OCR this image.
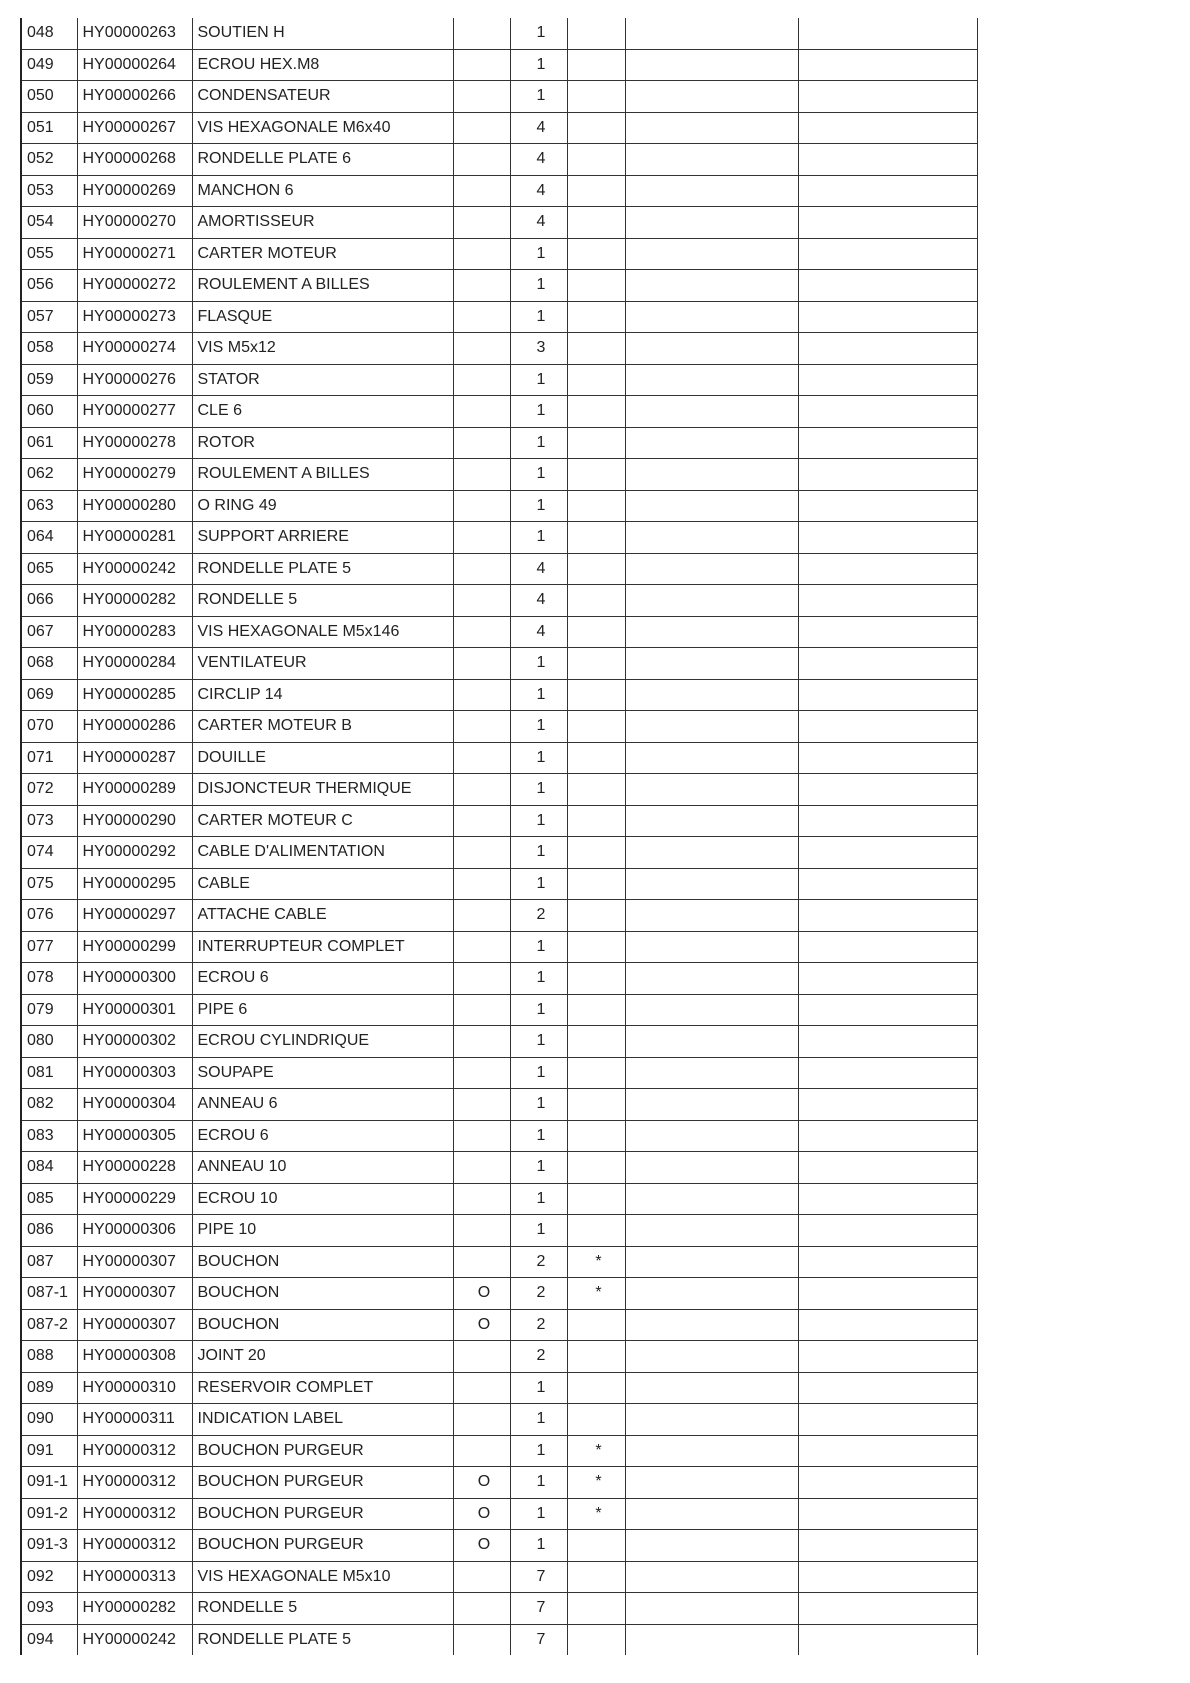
048	HY00000263	SOUTIEN H		1			
049	HY00000264	ECROU HEX.M8		1			
050	HY00000266	CONDENSATEUR		1			
051	HY00000267	VIS HEXAGONALE M6x40		4			
052	HY00000268	RONDELLE PLATE 6		4			
053	HY00000269	MANCHON 6		4			
054	HY00000270	AMORTISSEUR		4			
055	HY00000271	CARTER MOTEUR		1			
056	HY00000272	ROULEMENT A BILLES		1			
057	HY00000273	FLASQUE		1			
058	HY00000274	VIS M5x12		3			
059	HY00000276	STATOR		1			
060	HY00000277	CLE 6		1			
061	HY00000278	ROTOR		1			
062	HY00000279	ROULEMENT A BILLES		1			
063	HY00000280	O RING 49		1			
064	HY00000281	SUPPORT ARRIERE		1			
065	HY00000242	RONDELLE PLATE 5		4			
066	HY00000282	RONDELLE 5		4			
067	HY00000283	VIS HEXAGONALE M5x146		4			
068	HY00000284	VENTILATEUR		1			
069	HY00000285	CIRCLIP 14		1			
070	HY00000286	CARTER MOTEUR B		1			
071	HY00000287	DOUILLE		1			
072	HY00000289	DISJONCTEUR THERMIQUE		1			
073	HY00000290	CARTER MOTEUR C		1			
074	HY00000292	CABLE D'ALIMENTATION		1			
075	HY00000295	CABLE		1			
076	HY00000297	ATTACHE CABLE		2			
077	HY00000299	INTERRUPTEUR COMPLET		1			
078	HY00000300	ECROU 6		1			
079	HY00000301	PIPE 6		1			
080	HY00000302	ECROU CYLINDRIQUE		1			
081	HY00000303	SOUPAPE		1			
082	HY00000304	ANNEAU 6		1			
083	HY00000305	ECROU 6		1			
084	HY00000228	ANNEAU 10		1			
085	HY00000229	ECROU 10		1			
086	HY00000306	PIPE 10		1			
087	HY00000307	BOUCHON		2	*		
087-1	HY00000307	BOUCHON	O	2	*		
087-2	HY00000307	BOUCHON	O	2			
088	HY00000308	JOINT 20		2			
089	HY00000310	RESERVOIR COMPLET		1			
090	HY00000311	INDICATION LABEL		1			
091	HY00000312	BOUCHON PURGEUR		1	*		
091-1	HY00000312	BOUCHON PURGEUR	O	1	*		
091-2	HY00000312	BOUCHON PURGEUR	O	1	*		
091-3	HY00000312	BOUCHON PURGEUR	O	1			
092	HY00000313	VIS HEXAGONALE M5x10		7			
093	HY00000282	RONDELLE 5		7			
094	HY00000242	RONDELLE PLATE 5		7			
